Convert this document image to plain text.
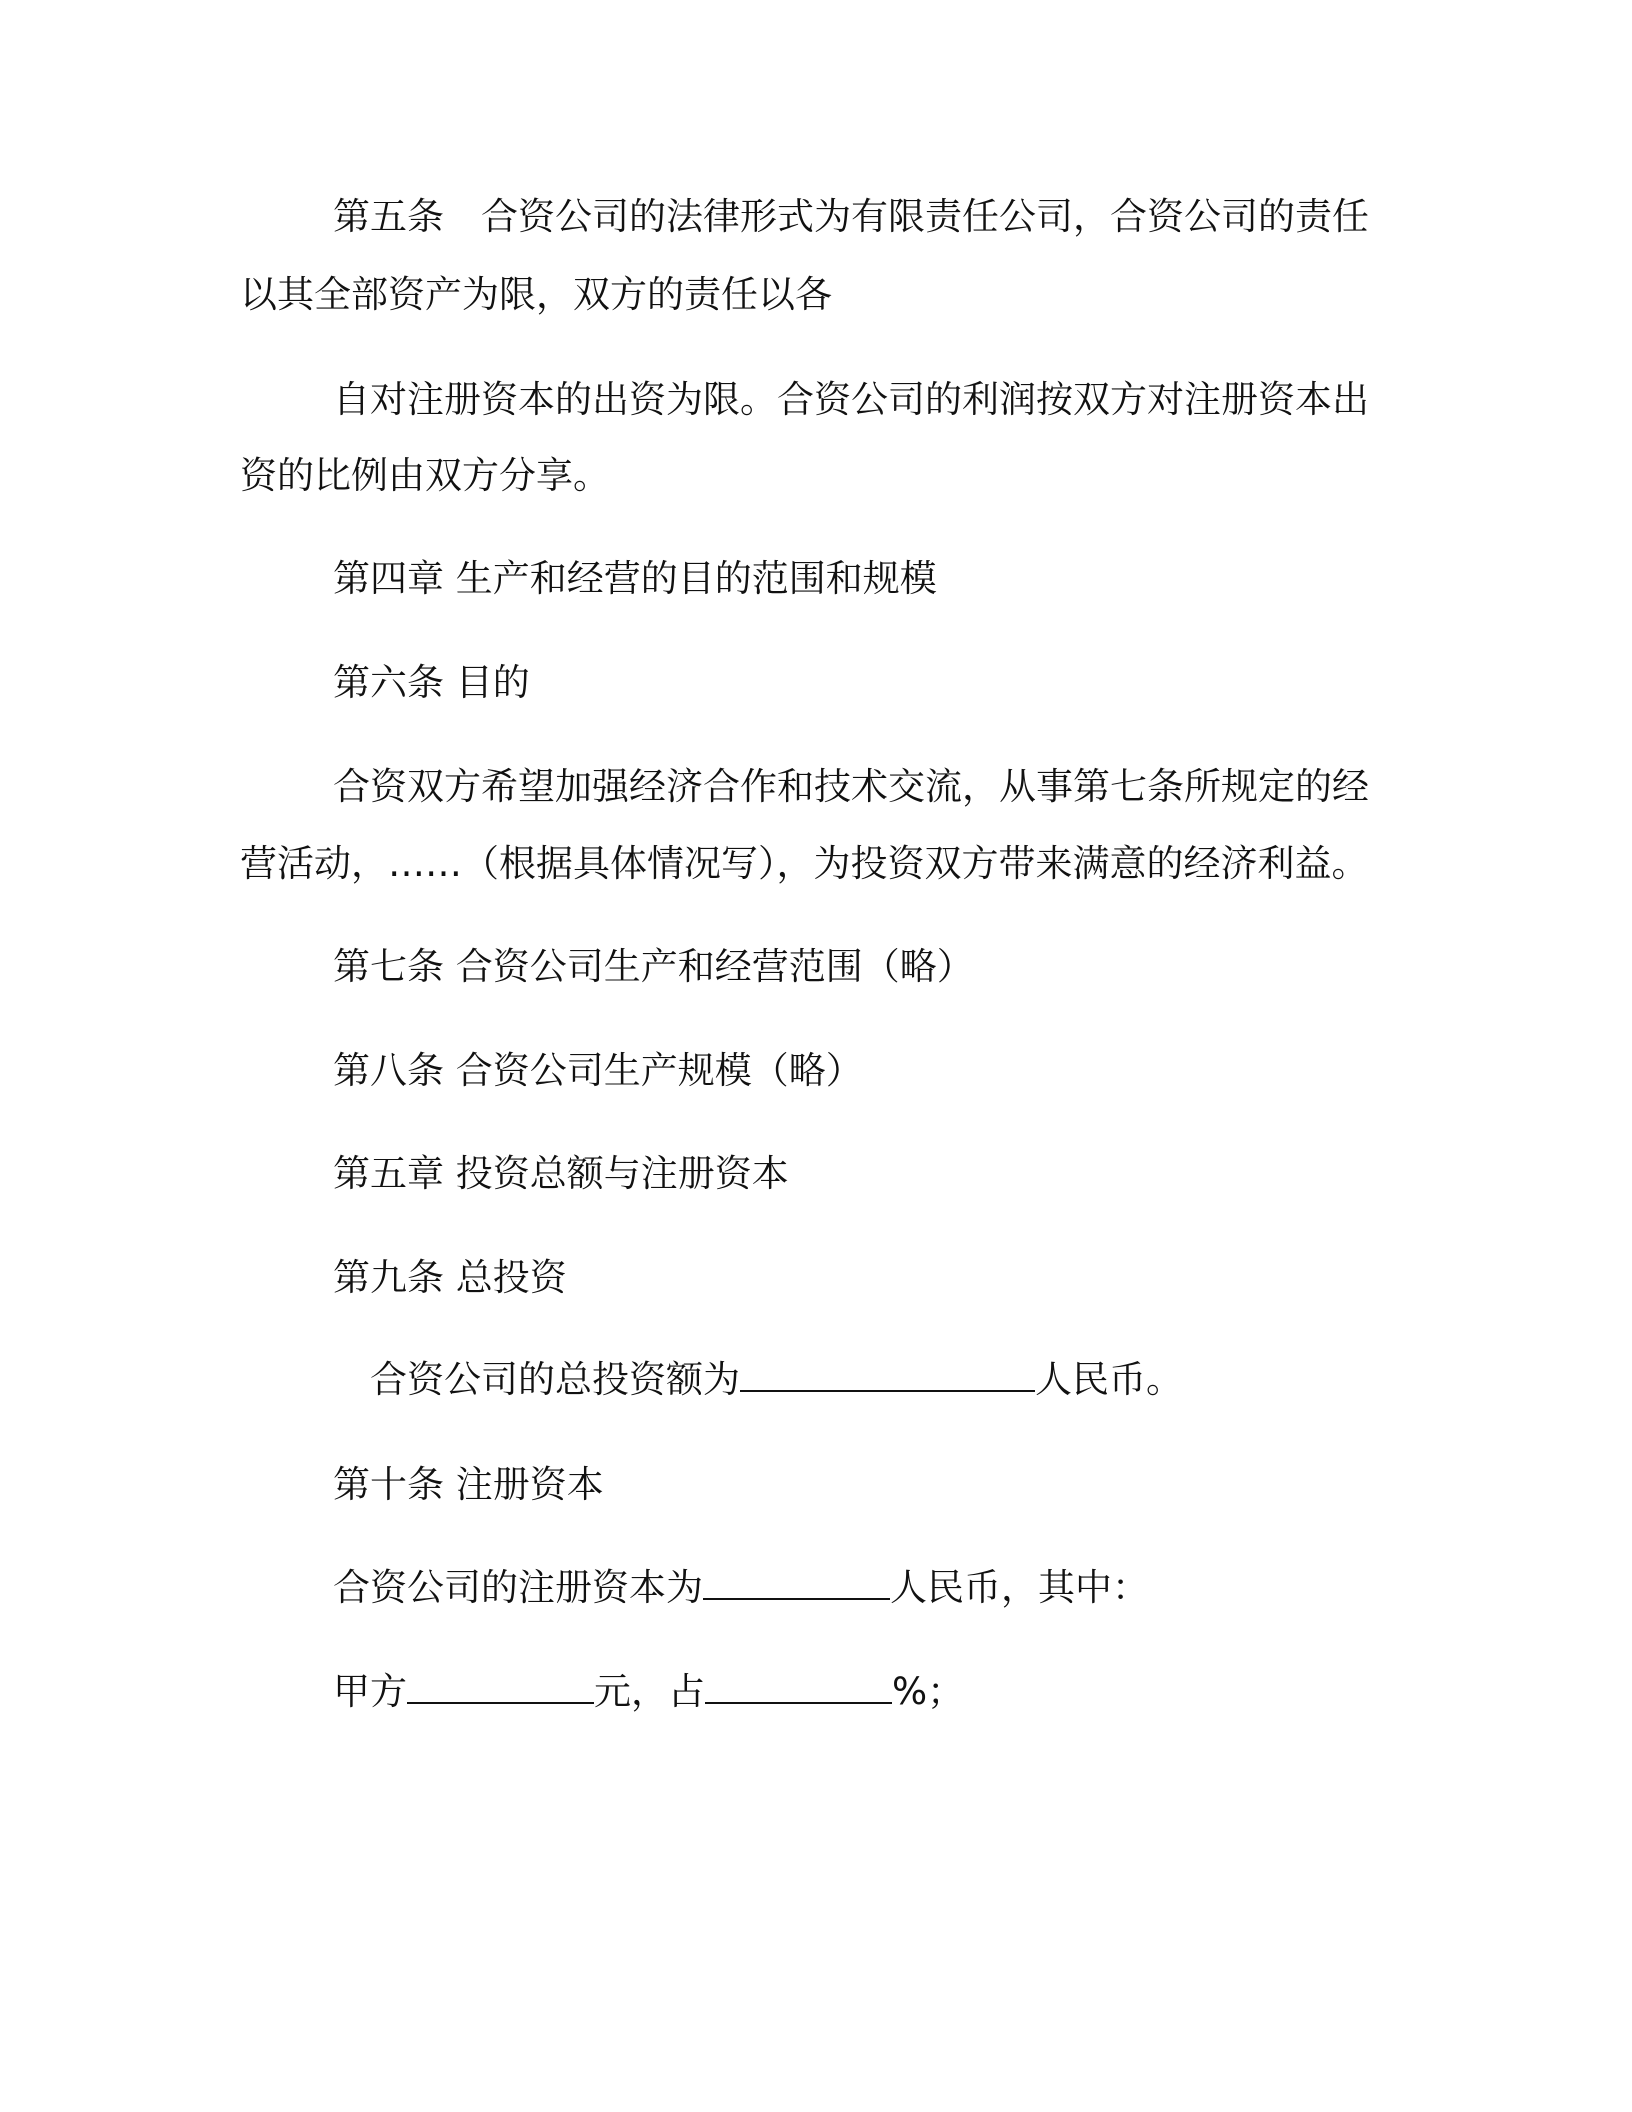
第五条　合资公司的法律形式为有限责任公司，合资公司的责任
以其全部资产为限，双方的责任以各
自对注册资本的出资为限。合资公司的利润按双方对注册资本出
资的比例由双方分享。
第四章 生产和经营的目的范围和规模
第六条 目的
合资双方希望加强经济合作和技术交流，从事第七条所规定的经
营活动，……（根据具体情况写），为投资双方带来满意的经济利益。
第七条 合资公司生产和经营范围（略）
第八条 合资公司生产规模（略）
第五章 投资总额与注册资本
第九条 总投资
合资公司的总投资额为	人民币。
第十条 注册资本
合资公司的注册资本为	人民币，其中：
甲方	元，占	%；
